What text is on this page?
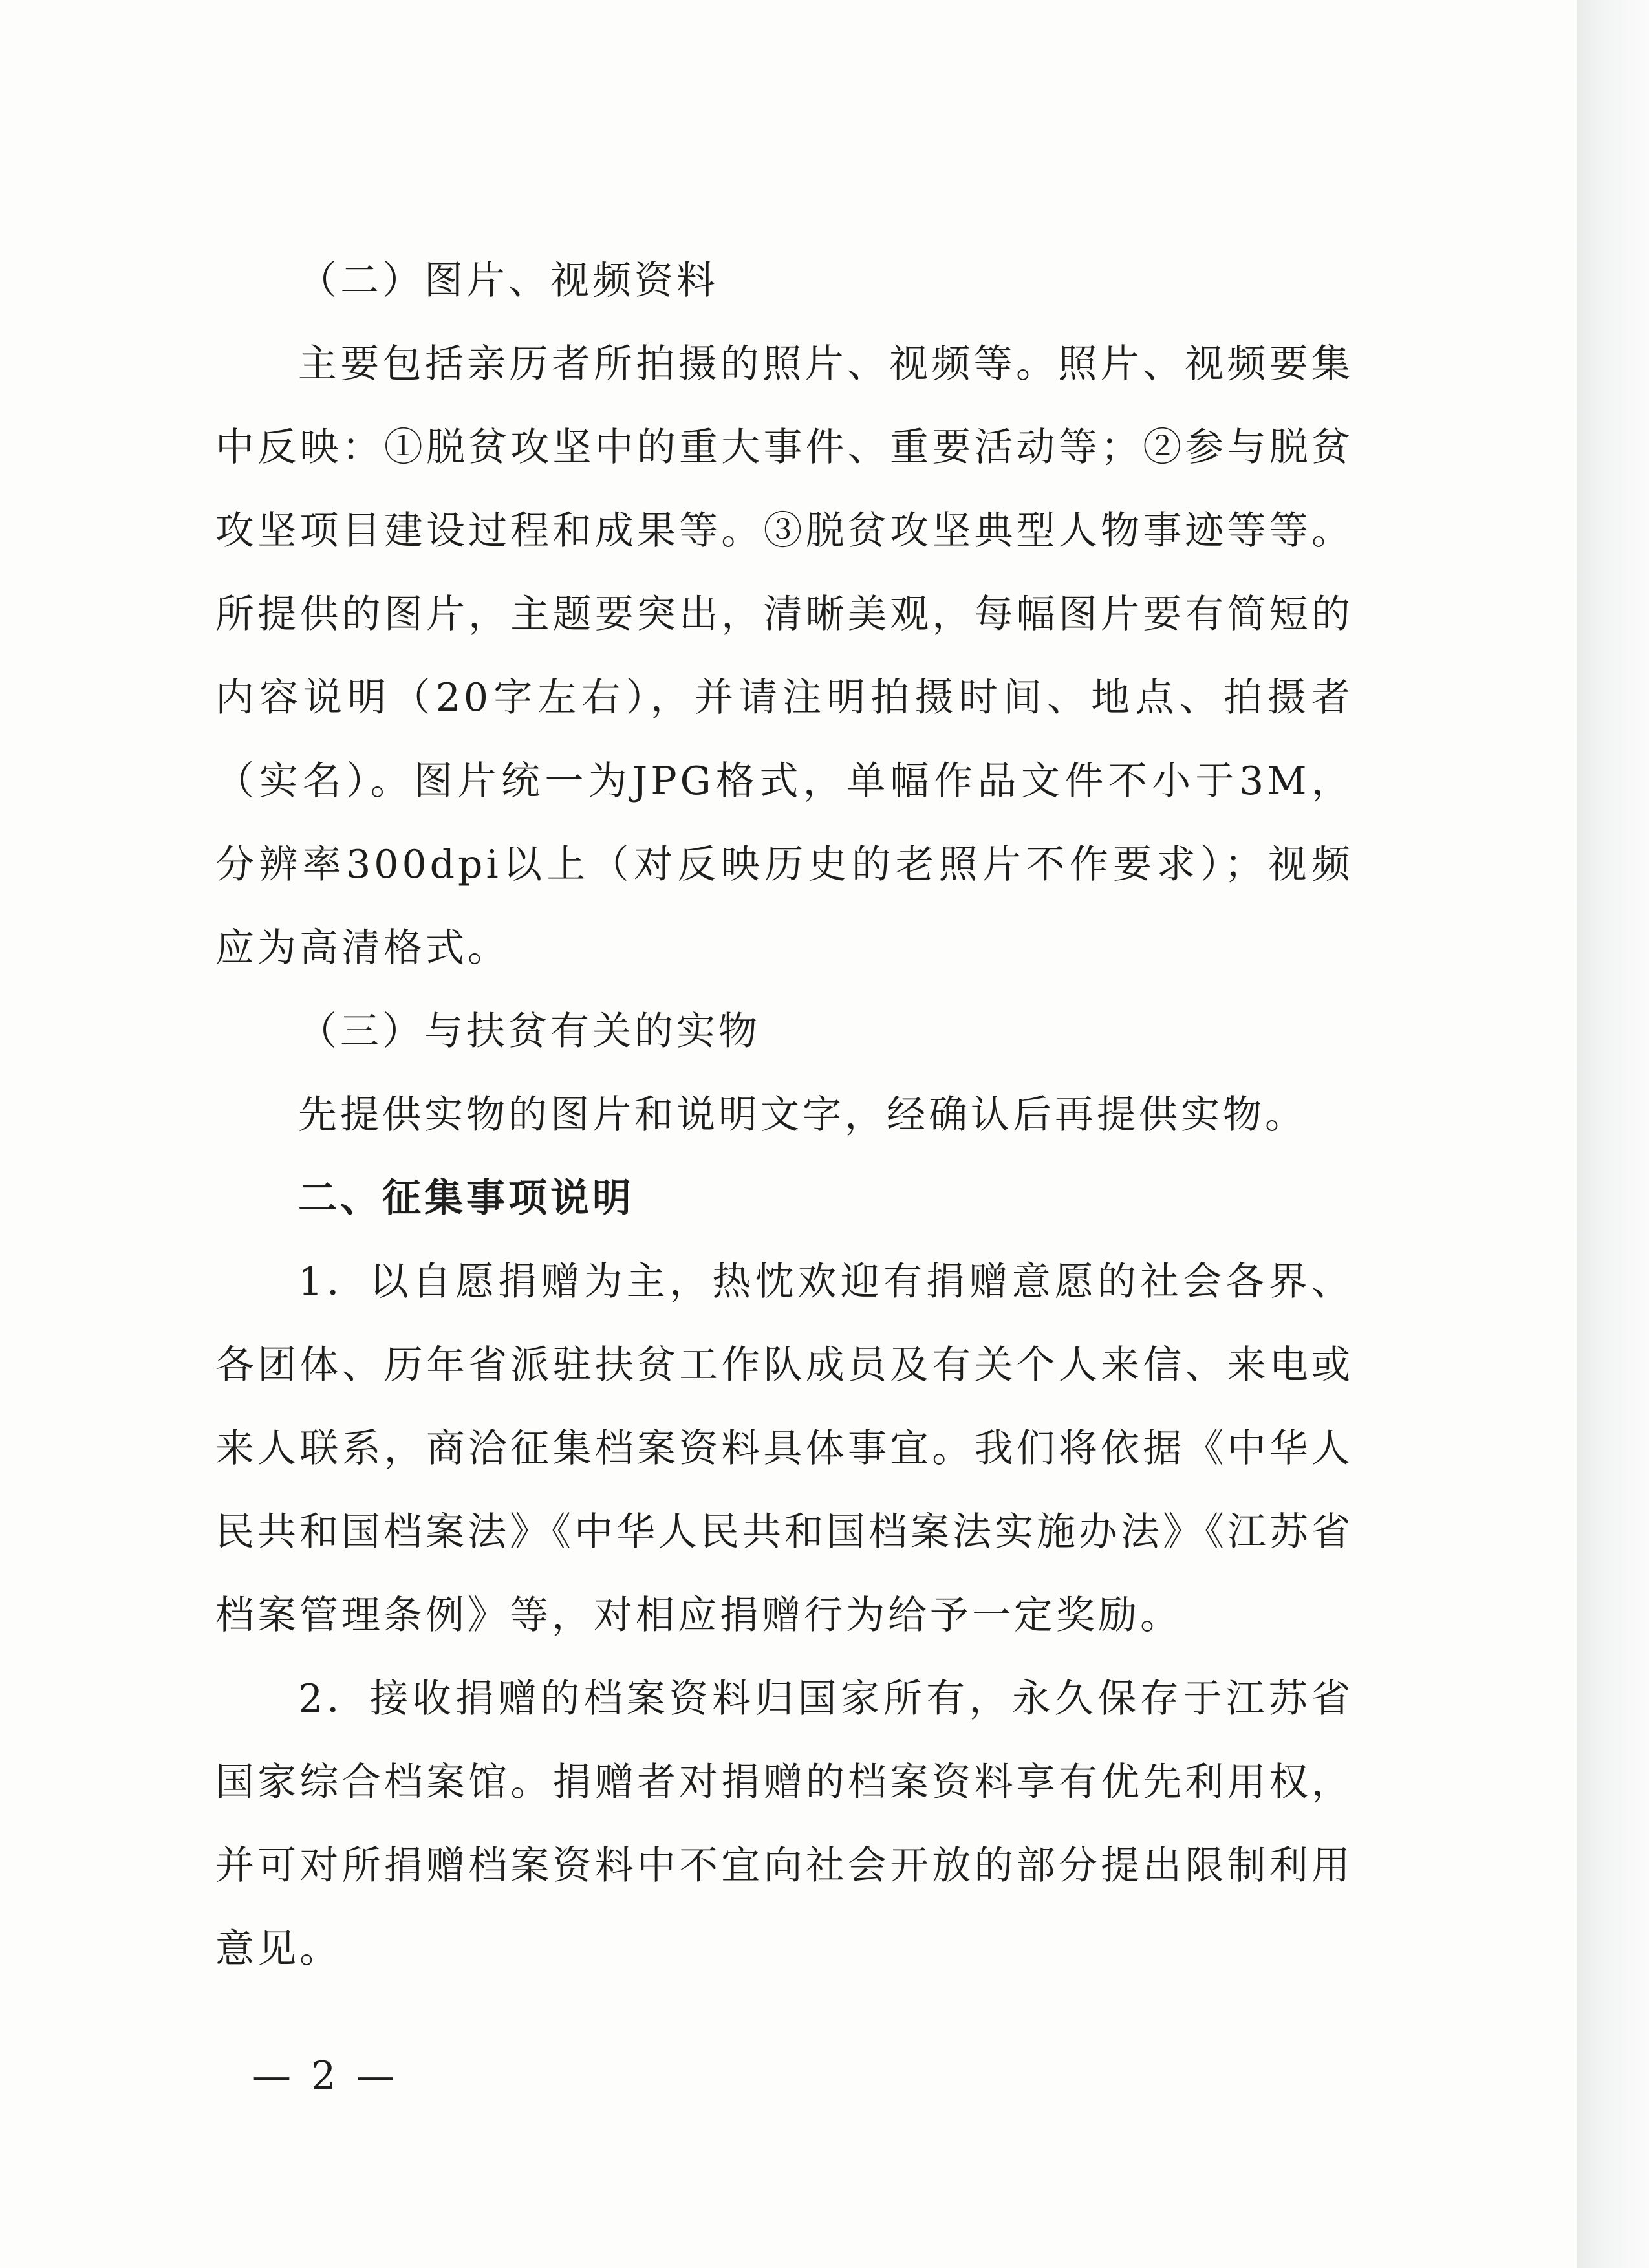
（二）图片、视频资料

主要包括亲历者所拍摄的照片、视频等。照片、视频要集中反映：①脱贫攻坚中的重大事件、重要活动等；②参与脱贫攻坚项目建设过程和成果等。③脱贫攻坚典型人物事迹等等。所提供的图片，主题要突出，清晰美观，每幅图片要有简短的内容说明（20字左右），并请注明拍摄时间、地点、拍摄者（实名）。图片统一为JPG格式，单幅作品文件不小于3M，分辨率300dpi以上（对反映历史的老照片不作要求）；视频应为高清格式。

（三）与扶贫有关的实物

先提供实物的图片和说明文字，经确认后再提供实物。

二、征集事项说明

1．以自愿捐赠为主，热忱欢迎有捐赠意愿的社会各界、各团体、历年省派驻扶贫工作队成员及有关个人来信、来电或来人联系，商洽征集档案资料具体事宜。我们将依据《中华人民共和国档案法》《中华人民共和国档案法实施办法》《江苏省档案管理条例》等，对相应捐赠行为给予一定奖励。

2．接收捐赠的档案资料归国家所有，永久保存于江苏省国家综合档案馆。捐赠者对捐赠的档案资料享有优先利用权，并可对所捐赠档案资料中不宜向社会开放的部分提出限制利用意见。

— 2 —
